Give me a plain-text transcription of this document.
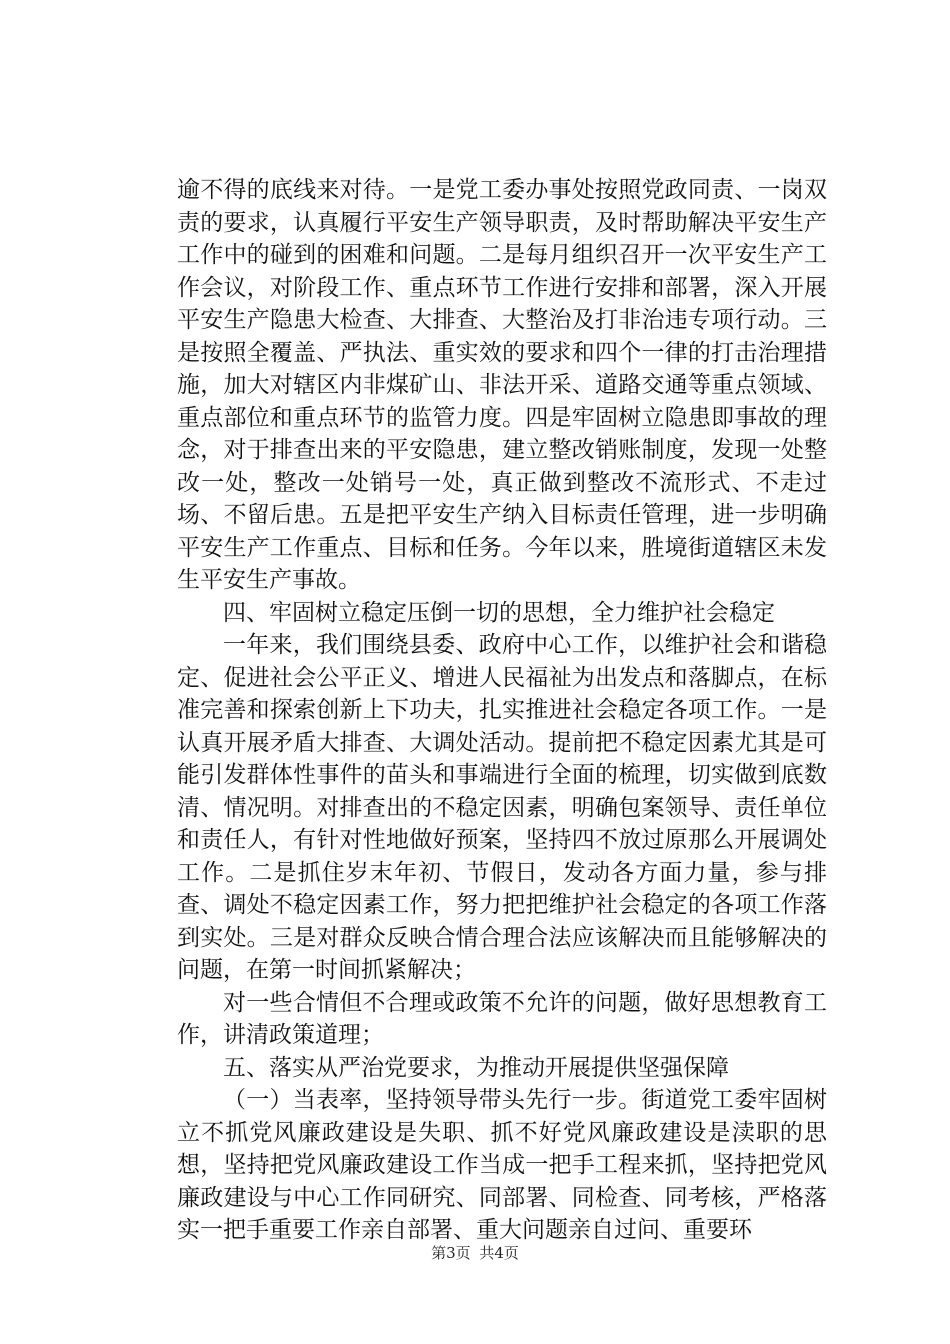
逾不得的底线来对待。一是党工委办事处按照党政同责、一岗双责的要求，认真履行平安生产领导职责，及时帮助解决平安生产工作中的碰到的困难和问题。二是每月组织召开一次平安生产工作会议，对阶段工作、重点环节工作进行安排和部署，深入开展平安生产隐患大检查、大排查、大整治及打非治违专项行动。三是按照全覆盖、严执法、重实效的要求和四个一律的打击治理措施，加大对辖区内非煤矿山、非法开采、道路交通等重点领域、重点部位和重点环节的监管力度。四是牢固树立隐患即事故的理念，对于排查出来的平安隐患，建立整改销账制度，发现一处整改一处，整改一处销号一处，真正做到整改不流形式、不走过场、不留后患。五是把平安生产纳入目标责任管理，进一步明确平安生产工作重点、目标和任务。今年以来，胜境街道辖区未发生平安生产事故。

四、牢固树立稳定压倒一切的思想，全力维护社会稳定

一年来，我们围绕县委、政府中心工作，以维护社会和谐稳定、促进社会公平正义、增进人民福祉为出发点和落脚点，在标准完善和探索创新上下功夫，扎实推进社会稳定各项工作。一是认真开展矛盾大排查、大调处活动。提前把不稳定因素尤其是可能引发群体性事件的苗头和事端进行全面的梳理，切实做到底数清、情况明。对排查出的不稳定因素，明确包案领导、责任单位和责任人，有针对性地做好预案，坚持四不放过原那么开展调处工作。二是抓住岁末年初、节假日，发动各方面力量，参与排查、调处不稳定因素工作，努力把把维护社会稳定的各项工作落到实处。三是对群众反映合情合理合法应该解决而且能够解决的问题，在第一时间抓紧解决；

对一些合情但不合理或政策不允许的问题，做好思想教育工作，讲清政策道理；

五、落实从严治党要求，为推动开展提供坚强保障

（一）当表率，坚持领导带头先行一步。街道党工委牢固树立不抓党风廉政建设是失职、抓不好党风廉政建设是渎职的思想，坚持把党风廉政建设工作当成一把手工程来抓，坚持把党风廉政建设与中心工作同研究、同部署、同检查、同考核，严格落实一把手重要工作亲自部署、重大问题亲自过问、重要环

第3页 共4页
